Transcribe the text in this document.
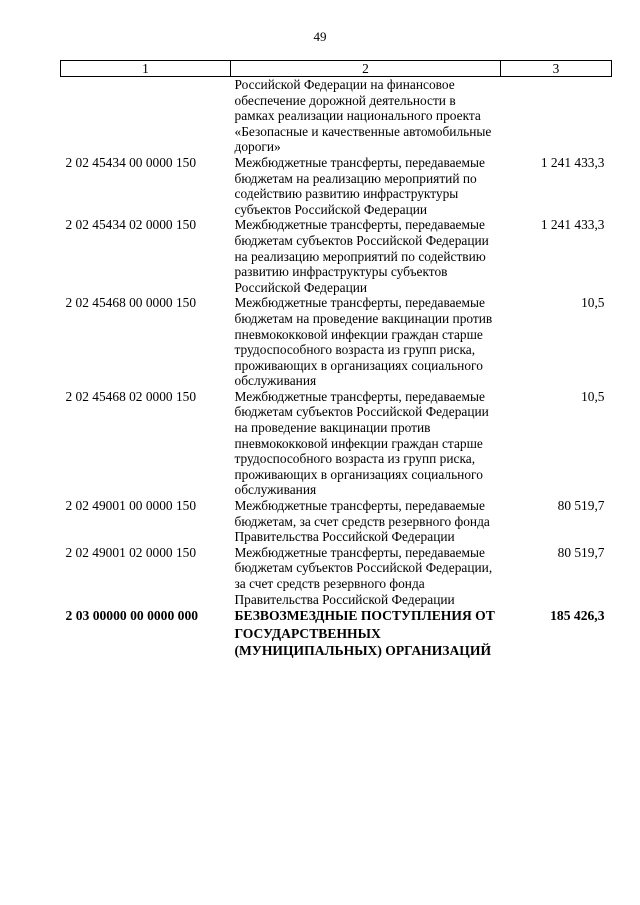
49
1	2	3
	Российской Федерации на финансовое обеспечение дорожной деятельности в рамках реализации национального проекта «Безопасные и качественные автомобильные дороги»	
2 02 45434 00 0000 150	Межбюджетные трансферты, передаваемые бюджетам на реализацию мероприятий по содействию развитию инфраструктуры субъектов Российской Федерации	1 241 433,3
2 02 45434 02 0000 150	Межбюджетные трансферты, передаваемые бюджетам субъектов Российской Федерации на реализацию мероприятий по содействию развитию инфраструктуры субъектов Российской Федерации	1 241 433,3
2 02 45468 00 0000 150	Межбюджетные трансферты, передаваемые бюджетам на проведение вакцинации против пневмококковой инфекции граждан старше трудоспособного возраста из групп риска, проживающих в организациях социального обслуживания	10,5
2 02 45468 02 0000 150	Межбюджетные трансферты, передаваемые бюджетам субъектов Российской Федерации на проведение вакцинации против пневмококковой инфекции граждан старше трудоспособного возраста из групп риска, проживающих в организациях социального обслуживания	10,5
2 02 49001 00 0000 150	Межбюджетные трансферты, передаваемые бюджетам, за счет средств резервного фонда Правительства Российской Федерации	80 519,7
2 02 49001 02 0000 150	Межбюджетные трансферты, передаваемые бюджетам субъектов Российской Федерации, за счет средств резервного фонда Правительства Российской Федерации	80 519,7
2 03 00000 00 0000 000	БЕЗВОЗМЕЗДНЫЕ ПОСТУПЛЕНИЯ ОТ ГОСУДАРСТВЕННЫХ (МУНИЦИПАЛЬНЫХ) ОРГАНИЗАЦИЙ	185 426,3
